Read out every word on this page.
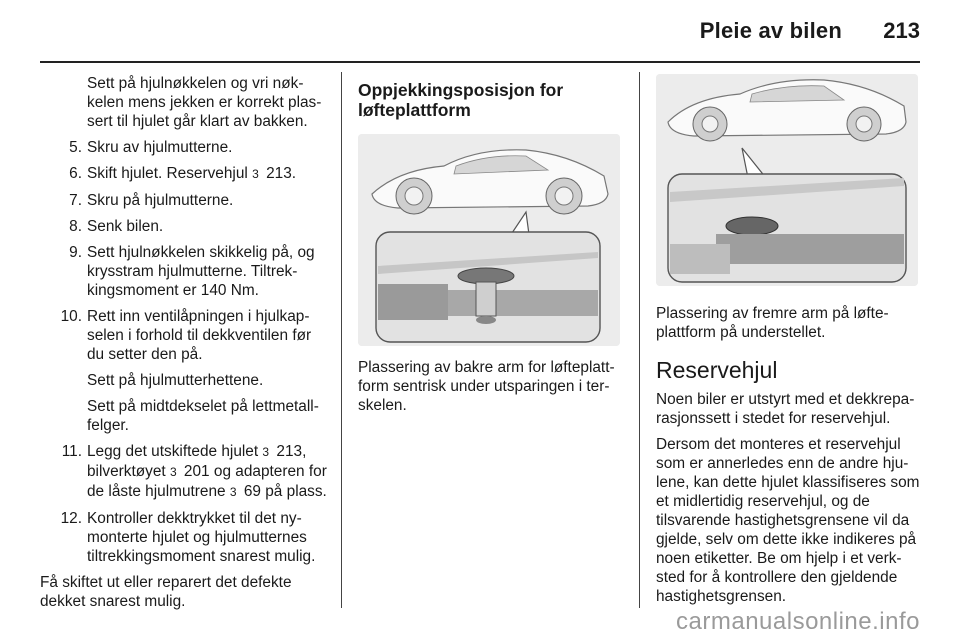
Pleie av bilen 213

Sett på hjulnøkkelen og vri nøkkelen mens jekken er korrekt plassert til hjulet går klart av bakken.

5. Skru av hjulmutterne.
6. Skift hjulet. Reservehjul 3 213.
7. Skru på hjulmutterne.
8. Senk bilen.
9. Sett hjulnøkkelen skikkelig på, og krysstram hjulmutterne. Tiltrekkingsmoment er 140 Nm.
10. Rett inn ventilåpningen i hjulkapselen i forhold til dekkventilen før du setter den på.
Sett på hjulmutterhettene.
Sett på midtdekselet på lettmetallfelger.
11. Legg det utskiftede hjulet 3 213, bilverktøyet 3 201 og adapteren for de låste hjulmutrene 3 69 på plass.
12. Kontroller dekktrykket til det nymonterte hjulet og hjulmutternes tiltrekkingsmoment snarest mulig.

Få skiftet ut eller reparert det defekte dekket snarest mulig.

Oppjekkingsposisjon for løfteplattform

Plassering av bakre arm for løfteplattform sentrisk under utsparingen i terskelen.

Plassering av fremre arm på løfteplattform på understellet.

Reservehjul

Noen biler er utstyrt med et dekkreparasjonssett i stedet for reservehjul.

Dersom det monteres et reservehjul som er annerledes enn de andre hjulene, kan dette hjulet klassifiseres som et midlertidig reservehjul, og de tilsvarende hastighetsgrensene vil da gjelde, selv om dette ikke indikeres på noen etiketter. Be om hjelp i et verksted for å kontrollere den gjeldende hastighetsgrensen.

carmanualsonline.info
